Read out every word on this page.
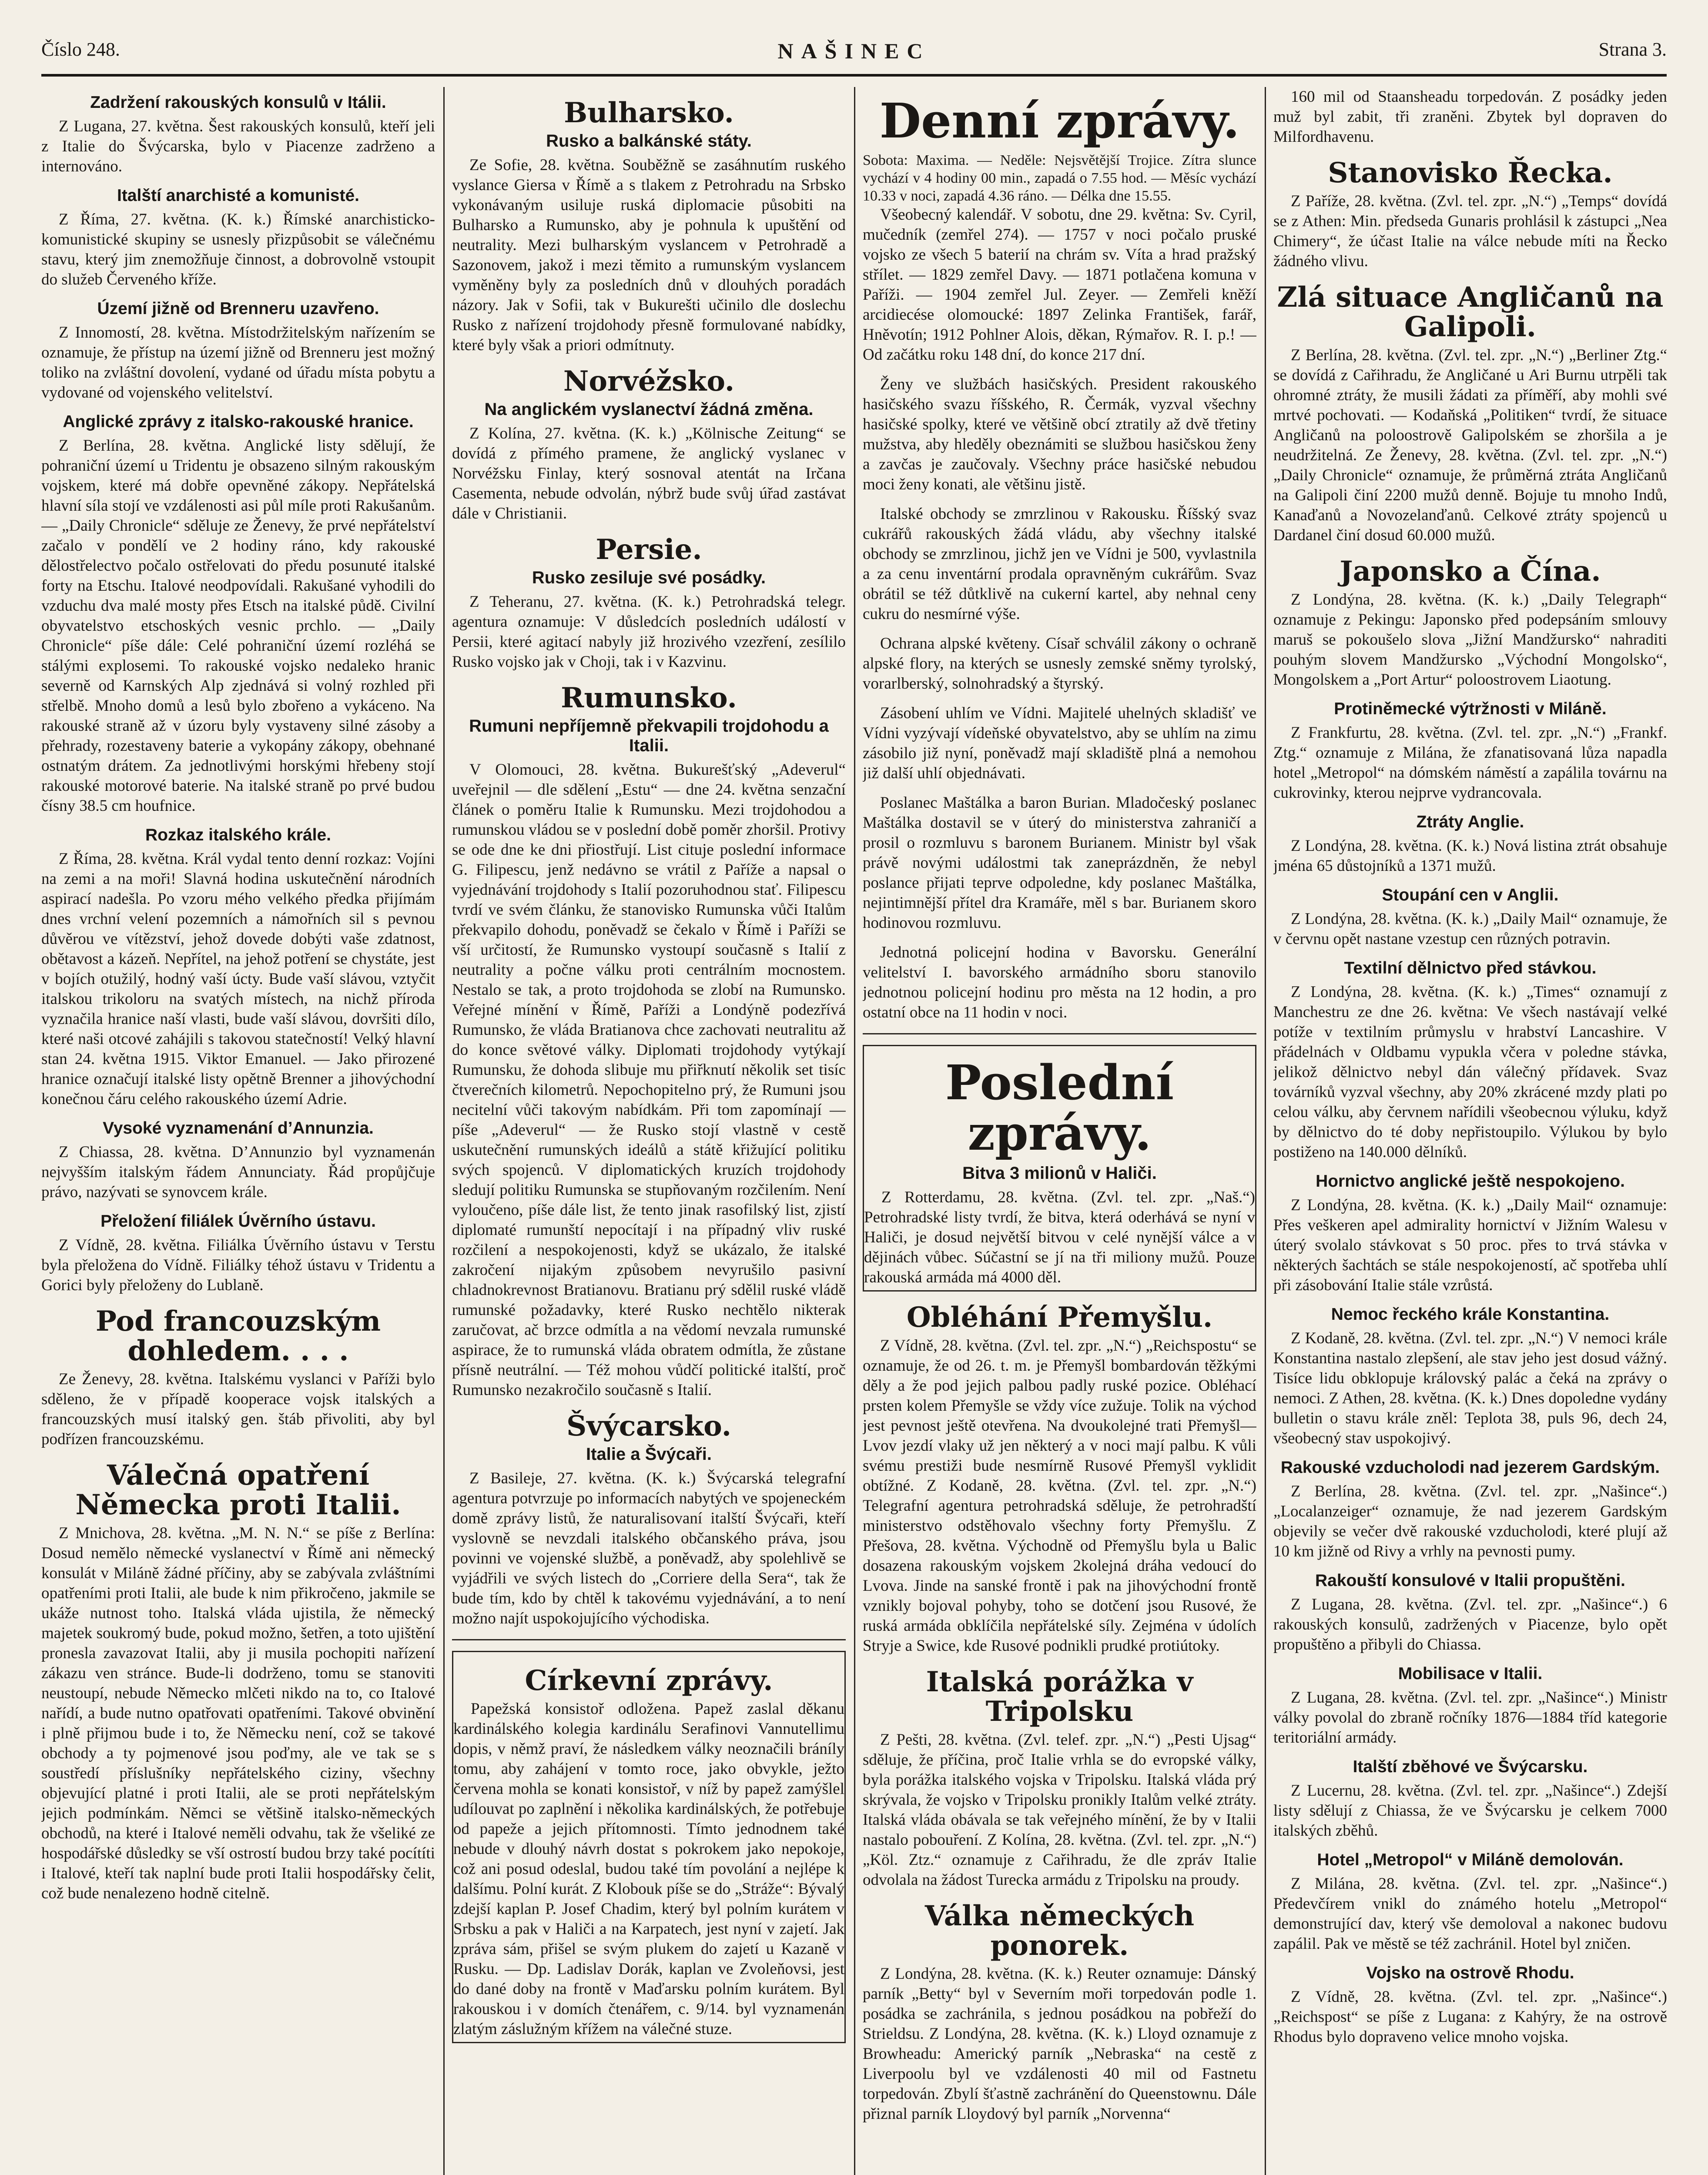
Číslo 248.	NAŠINEC	Strana 3.
Zadržení rakouských konsulů v Itálii.

Z Lugana, 27. května. Šest rakouských konsulů, kteří jeli z Italie do Švýcarska, bylo v Piacenze zadrženo a internováno.

Italští anarchisté a komunisté.

Z Říma, 27. května. (K. k.) Římské anarchisticko-komunistické skupiny se usnesly přizpůsobit se válečnému stavu, který jim znemožňuje činnost, a dobrovolně vstoupit do služeb Červeného kříže.

Území jižně od Brenneru uzavřeno.

Z Innomostí, 28. května. Místodržitelským nařízením se oznamuje, že přístup na území jižně od Brenneru jest možný toliko na zvláštní dovolení, vydané od úřadu místa pobytu a vydované od vojenského velitelství.

Anglické zprávy z italsko-rakouské hranice.

Z Berlína, 28. května. Anglické listy sdělují, že pohraniční území u Tridentu je obsazeno silným rakouským vojskem, které má dobře opevněné zákopy. Nepřátelská hlavní síla stojí ve vzdálenosti asi půl míle proti Rakušanům. — „Daily Chronicle“ sděluje ze Ženevy, že prvé nepřátelství začalo v pondělí ve 2 hodiny ráno, kdy rakouské dělostřelectvo počalo ostřelovati do předu posunuté italské forty na Etschu. Italové neodpovídali. Rakušané vyhodili do vzduchu dva malé mosty přes Etsch na italské půdě. Civilní obyvatelstvo etschoských vesnic prchlo. — „Daily Chronicle“ píše dále: Celé pohraniční území rozléhá se stálými explosemi. To rakouské vojsko nedaleko hranic severně od Karnských Alp zjednává si volný rozhled při střelbě. Mnoho domů a lesů bylo zbořeno a vykáceno. Na rakouské straně až v úzoru byly vystaveny silné zásoby a přehrady, rozestaveny baterie a vykopány zákopy, obehnané ostnatým drátem. Za jednotlivými horskými hřebeny stojí rakouské motorové baterie. Na italské straně po prvé budou čísny 38.5 cm houfnice.

Rozkaz italského krále.

Z Říma, 28. května. Král vydal tento denní rozkaz: Vojíni na zemi a na moři! Slavná hodina uskutečnění národních aspirací nadešla. Po vzoru mého velkého předka přijímám dnes vrchní velení pozemních a námořních sil s pevnou důvěrou ve vítězství, jehož dovede dobýti vaše zdatnost, obětavost a kázeň. Nepřítel, na jehož potření se chystáte, jest v bojích otužilý, hodný vaší úcty. Bude vaší slávou, vztyčit italskou trikoloru na svatých místech, na nichž příroda vyznačila hranice naší vlasti, bude vaší slávou, dovršiti dílo, které naši otcové zahájili s takovou statečností! Velký hlavní stan 24. května 1915. Viktor Emanuel. — Jako přirozené hranice označují italské listy opětně Brenner a jihovýchodní konečnou čáru celého rakouského území Adrie.

Vysoké vyznamenání d’Annunzia.

Z Chiassa, 28. května. D’Annunzio byl vyznamenán nejvyšším italským řádem Annunciaty. Řád propůjčuje právo, nazývati se synovcem krále.

Přeložení filiálek Úvěrního ústavu.

Z Vídně, 28. května. Filiálka Úvěrního ústavu v Terstu byla přeložena do Vídně. Filiálky téhož ústavu v Tridentu a Gorici byly přeloženy do Lublaně.

Pod francouzským dohledem. . . .

Ze Ženevy, 28. května. Italskému vyslanci v Paříži bylo sděleno, že v případě kooperace vojsk italských a francouzských musí italský gen. štáb přivoliti, aby byl podřízen francouzskému.

Válečná opatření Německa proti Italii.

Z Mnichova, 28. května. „M. N. N.“ se píše z Berlína: Dosud nemělo německé vyslanectví v Římě ani německý konsulát v Miláně žádné příčiny, aby se zabývala zvláštními opatřeními proti Italii, ale bude k nim přikročeno, jakmile se ukáže nutnost toho. Italská vláda ujistila, že německý majetek soukromý bude, pokud možno, šetřen, a toto ujištění pronesla zavazovat Italii, aby ji musila pochopiti nařízení zákazu ven stránce. Bude-li dodrženo, tomu se stanoviti neustoupí, nebude Německo mlčeti nikdo na to, co Italové nařídí, a bude nutno opatřovati opatřeními. Takové obvinění i plně přijmou bude i to, že Německu není, což se takové obchody a ty pojmenové jsou poďmy, ale ve tak se s soustředí příslušníky nepřátelského ciziny, všechny objevující platné i proti Italii, ale se proti nepřátelským jejich podmínkám. Němci se většině italsko-německých obchodů, na které i Italové neměli odvahu, tak že všeliké ze hospodářské důsledky se vší ostrostí budou brzy také pocítíti i Italové, kteří tak naplní bude proti Italii hospodářsky čelit, což bude nenalezeno hodně citelně.

Bulharsko.
Rusko a balkánské státy.

Ze Sofie, 28. května. Souběžně se zasáhnutím ruského vyslance Giersa v Římě a s tlakem z Petrohradu na Srbsko vykonávaným usiluje ruská diplomacie působiti na Bulharsko a Rumunsko, aby je pohnula k upuštění od neutrality. Mezi bulharským vyslancem v Petrohradě a Sazonovem, jakož i mezi těmito a rumunským vyslancem vyměněny byly za posledních dnů v dlouhých poradách názory. Jak v Sofii, tak v Bukurešti učinilo dle doslechu Rusko z nařízení trojdohody přesně formulované nabídky, které byly však a priori odmítnuty.

Norvéžsko.
Na anglickém vyslanectví žádná změna.

Z Kolína, 27. května. (K. k.) „Kölnische Zeitung“ se dovídá z přímého pramene, že anglický vyslanec v Norvéžsku Finlay, který sosnoval atentát na Irčana Casementa, nebude odvolán, nýbrž bude svůj úřad zastávat dále v Christianii.

Persie.
Rusko zesiluje své posádky.

Z Teheranu, 27. května. (K. k.) Petrohradská telegr. agentura oznamuje: V důsledcích posledních událostí v Persii, které agitací nabyly již hrozivého vzezření, zesílilo Rusko vojsko jak v Choji, tak i v Kazvinu.

Rumunsko.
Rumuni nepříjemně překvapili trojdohodu a Italii.

V Olomouci, 28. května. Bukurešťský „Adeverul“ uveřejnil — dle sdělení „Estu“ — dne 24. května senzační článek o poměru Italie k Rumunsku. Mezi trojdohodou a rumunskou vládou se v poslední době poměr zhoršil. Protivy se ode dne ke dni přiostřují. List cituje poslední informace G. Filipescu, jenž nedávno se vrátil z Paříže a napsal o vyjednávání trojdohody s Italií pozoruhodnou stať. Filipescu tvrdí ve svém článku, že stanovisko Rumunska vůči Italům překvapilo dohodu, poněvadž se čekalo v Římě i Paříži se vší určitostí, že Rumunsko vystoupí současně s Italií z neutrality a počne válku proti centrálním mocnostem. Nestalo se tak, a proto trojdohoda se zlobí na Rumunsko. Veřejné mínění v Římě, Paříži a Londýně podezřívá Rumunsko, že vláda Bratianova chce zachovati neutralitu až do konce světové války. Diplomati trojdohody vytýkají Rumunsku, že dohoda slibuje mu přiřknutí několik set tisíc čtverečních kilometrů. Nepochopitelno prý, že Rumuni jsou necitelní vůči takovým nabídkám. Při tom zapomínají — píše „Adeverul“ — že Rusko stojí vlastně v cestě uskutečnění rumunských ideálů a státě křižující politiku svých spojenců. V diplomatických kruzích trojdohody sledují politiku Rumunska se stupňovaným rozčilením. Není vyloučeno, píše dále list, že tento jinak rasofilský list, zjistí diplomaté rumunští nepocítají i na případný vliv ruské rozčilení a nespokojenosti, když se ukázalo, že italské zakročení nijakým způsobem nevyrušilo pasivní chladnokrevnost Bratianovu. Bratianu prý sdělil ruské vládě rumunské požadavky, které Rusko nechtělo nikterak zaručovat, ač brzce odmítla a na vědomí nevzala rumunské aspirace, že to rumunská vláda obratem odmítla, že zůstane přísně neutrální. — Též mohou vůdčí politické italští, proč Rumunsko nezakročilo současně s Italií.

Švýcarsko.
Italie a Švýcaři.

Z Basileje, 27. května. (K. k.) Švýcarská telegrafní agentura potvrzuje po informacích nabytých ve spojeneckém domě zprávy listů, že naturalisovaní italští Švýcaři, kteří vyslovně se nevzdali italského občanského práva, jsou povinni ve vojenské službě, a poněvadž, aby spolehlivě se vyjádřili ve svých listech do „Corriere della Sera“, tak že bude tím, kdo by chtěl k takovému vyjednávání, a to není možno najít uspokojujícího východiska.

Církevní zprávy.

Papežská konsistoř odložena. Papež zaslal děkanu kardinálského kolegia kardinálu Serafinovi Vannutellimu dopis, v němž praví, že následkem války neoznačili bráníly tomu, aby zahájení v tomto roce, jako obvykle, ježto červena mohla se konati konsistoř, v níž by papež zamýšlel udílouvat po zaplnění i několika kardinálských, že potřebuje od papeže a jejich přítomnosti. Tímto jednodnem také nebude v dlouhý návrh dostat s pokrokem jako nepokoje, což ani posud odeslal, budou také tím povolání a nejlépe k dalšímu. Polní kurát. Z Klobouk píše se do „Stráže“: Bývalý zdejší kaplan P. Josef Chadim, který byl polním kurátem v Srbsku a pak v Haliči a na Karpatech, jest nyní v zajetí. Jak zpráva sám, přišel se svým plukem do zajetí u Kazaně v Rusku. — Dp. Ladislav Dorák, kaplan ve Zvoleňovsi, jest do dané doby na frontě v Maďarsku polním kurátem. Byl rakouskou i v domích čtenářem, c. 9/14. byl vyznamenán zlatým záslužným křížem na válečné stuze.

Denní zprávy.

Sobota: Maxima. — Neděle: Nejsvětější Trojice. Zítra slunce vychází v 4 hodiny 00 min., zapadá o 7.55 hod. — Měsíc vychází 10.33 v noci, zapadá 4.36 ráno. — Délka dne 15.55.

Všeobecný kalendář. V sobotu, dne 29. května: Sv. Cyril, mučedník (zemřel 274). — 1757 v noci počalo pruské vojsko ze všech 5 baterií na chrám sv. Víta a hrad pražský střílet. — 1829 zemřel Davy. — 1871 potlačena komuna v Paříži. — 1904 zemřel Jul. Zeyer. — Zemřeli kněží arcidiecése olomoucké: 1897 Zelinka František, farář, Hněvotín; 1912 Pohlner Alois, děkan, Rýmařov. R. I. p.! — Od začátku roku 148 dní, do konce 217 dní.

Ženy ve službách hasičských. President rakouského hasičského svazu říšského, R. Čermák, vyzval všechny hasičské spolky, které ve většině obcí ztratily až dvě třetiny mužstva, aby hleděly obeznámiti se službou hasičskou ženy a zavčas je zaučovaly. Všechny práce hasičské nebudou moci ženy konati, ale většinu jistě.

Italské obchody se zmrzlinou v Rakousku. Říšský svaz cukrářů rakouských žádá vládu, aby všechny italské obchody se zmrzlinou, jichž jen ve Vídni je 500, vyvlastnila a za cenu inventární prodala opravněným cukrářům. Svaz obrátil se též důtklivě na cukerní kartel, aby nehnal ceny cukru do nesmírné výše.

Ochrana alpské květeny. Císař schválil zákony o ochraně alpské flory, na kterých se usnesly zemské sněmy tyrolský, vorarlberský, solnohradský a štyrský.

Zásobení uhlím ve Vídni. Majitelé uhelných skladišť ve Vídni vyzývají vídeňské obyvatelstvo, aby se uhlím na zimu zásobilo již nyní, poněvadž mají skladiště plná a nemohou již další uhlí objednávati.

Poslanec Maštálka a baron Burian. Mladočeský poslanec Maštálka dostavil se v úterý do ministerstva zahraničí a prosil o rozmluvu s baronem Burianem. Ministr byl však právě novými událostmi tak zaneprázdněn, že nebyl poslance přijati teprve odpoledne, kdy poslanec Maštálka, nejintimnější přítel dra Kramáře, měl s bar. Burianem skoro hodinovou rozmluvu.

Jednotná policejní hodina v Bavorsku. Generální velitelství I. bavorského armádního sboru stanovilo jednotnou policejní hodinu pro města na 12 hodin, a pro ostatní obce na 11 hodin v noci.

Poslední zprávy.
Bitva 3 milionů v Haliči.

Z Rotterdamu, 28. května. (Zvl. tel. zpr. „Naš.“) Petrohradské listy tvrdí, že bitva, která oderhává se nyní v Haliči, je dosud největší bitvou v celé nynější válce a v dějinách vůbec. Súčastní se jí na tři miliony mužů. Pouze rakouská armáda má 4000 děl.

Obléhání Přemyšlu.

Z Vídně, 28. května. (Zvl. tel. zpr. „N.“) „Reichspostu“ se oznamuje, že od 26. t. m. je Přemyšl bombardován těžkými děly a že pod jejich palbou padly ruské pozice. Obléhací prsten kolem Přemyšle se vždy více zužuje. Tolik na východ jest pevnost ještě otevřena. Na dvoukolejné trati Přemyšl—Lvov jezdí vlaky už jen některý a v noci mají palbu. K vůli svému prestiži bude nesmírně Rusové Přemyšl vyklidit obtížné. Z Kodaně, 28. května. (Zvl. tel. zpr. „N.“) Telegrafní agentura petrohradská sděluje, že petrohradští ministerstvo odstěhovalo všechny forty Přemyšlu. Z Přešova, 28. května. Východně od Přemyšlu byla u Balic dosazena rakouským vojskem 2kolejná dráha vedoucí do Lvova. Jinde na sanské frontě i pak na jihovýchodní frontě vznikly bojoval pohyby, toho se dotčení jsou Rusové, že ruská armáda obklíčila nepřátelské síly. Zejména v údolích Stryje a Swice, kde Rusové podnikli prudké protiútoky.

Italská porážka v Tripolsku

Z Pešti, 28. května. (Zvl. telef. zpr. „N.“) „Pesti Ujsag“ sděluje, že příčina, proč Italie vrhla se do evropské války, byla porážka italského vojska v Tripolsku. Italská vláda prý skrývala, že vojsko v Tripolsku pronikly Italům velké ztráty. Italská vláda obávala se tak veřejného mínění, že by v Italii nastalo pobouření. Z Kolína, 28. května. (Zvl. tel. zpr. „N.“) „Köl. Ztz.“ oznamuje z Cařihradu, že dle zpráv Italie odvolala na žádost Turecka armádu z Tripolsku na proudy.

Válka německých ponorek.

Z Londýna, 28. května. (K. k.) Reuter oznamuje: Dánský parník „Betty“ byl v Severním moři torpedován podle 1. posádka se zachránila, s jednou posádkou na pobřeží do Strieldsu. Z Londýna, 28. května. (K. k.) Lloyd oznamuje z Browheadu: Americký parník „Nebraska“ na cestě z Liverpoolu byl ve vzdálenosti 40 mil od Fastnetu torpedován. Zbylí šťastně zachránění do Queenstownu. Dále přiznal parník Lloydový byl parník „Norvenna“

160 mil od Staansheadu torpedován. Z posádky jeden muž byl zabit, tři zraněni. Zbytek byl dopraven do Milfordhavenu.

Stanovisko Řecka.

Z Paříže, 28. května. (Zvl. tel. zpr. „N.“) „Temps“ dovídá se z Athen: Min. předseda Gunaris prohlásil k zástupci „Nea Chimery“, že účast Italie na válce nebude míti na Řecko žádného vlivu.

Zlá situace Angličanů na Galipoli.

Z Berlína, 28. května. (Zvl. tel. zpr. „N.“) „Berliner Ztg.“ se dovídá z Cařihradu, že Angličané u Ari Burnu utrpěli tak ohromné ztráty, že musili žádati za příměří, aby mohli své mrtvé pochovati. — Kodaňská „Politiken“ tvrdí, že situace Angličanů na poloostrově Galipolském se zhoršila a je neudržitelná. Ze Ženevy, 28. května. (Zvl. tel. zpr. „N.“) „Daily Chronicle“ oznamuje, že průměrná ztráta Angličanů na Galipoli činí 2200 mužů denně. Bojuje tu mnoho Indů, Kanaďanů a Novozelanďanů. Celkové ztráty spojenců u Dardanel činí dosud 60.000 mužů.

Japonsko a Čína.

Z Londýna, 28. května. (K. k.) „Daily Telegraph“ oznamuje z Pekingu: Japonsko před podepsáním smlouvy maruš se pokoušelo slova „Jižní Mandžursko“ nahraditi pouhým slovem Mandžursko „Východní Mongolsko“, Mongolskem a „Port Artur“ poloostrovem Liaotung.

Protiněmecké výtržnosti v Miláně.

Z Frankfurtu, 28. května. (Zvl. tel. zpr. „N.“) „Frankf. Ztg.“ oznamuje z Milána, že zfanatisovaná lůza napadla hotel „Metropol“ na dómském náměstí a zapálila továrnu na cukrovinky, kterou nejprve vydrancovala.

Ztráty Anglie.

Z Londýna, 28. května. (K. k.) Nová listina ztrát obsahuje jména 65 důstojníků a 1371 mužů.

Stoupání cen v Anglii.

Z Londýna, 28. května. (K. k.) „Daily Mail“ oznamuje, že v červnu opět nastane vzestup cen různých potravin.

Textilní dělnictvo před stávkou.

Z Londýna, 28. května. (K. k.) „Times“ oznamují z Manchestru ze dne 26. května: Ve všech nastávají velké potíže v textilním průmyslu v hrabství Lancashire. V přádelnách v Oldbamu vypukla včera v poledne stávka, jelikož dělnictvo nebyl dán válečný přídavek. Svaz továrníků vyzval všechny, aby 20% zkrácené mzdy plati po celou válku, aby červnem nařídili všeobecnou výluku, když by dělnictvo do té doby nepřistoupilo. Výlukou by bylo postiženo na 140.000 dělníků.

Hornictvo anglické ještě nespokojeno.

Z Londýna, 28. května. (K. k.) „Daily Mail“ oznamuje: Přes veškeren apel admirality hornictví v Jižním Walesu v úterý svolalo stávkovat s 50 proc. přes to trvá stávka v některých šachtách se stále nespokojeností, ač spotřeba uhlí při zásobování Italie stále vzrůstá.

Nemoc řeckého krále Konstantina.

Z Kodaně, 28. května. (Zvl. tel. zpr. „N.“) V nemoci krále Konstantina nastalo zlepšení, ale stav jeho jest dosud vážný. Tisíce lidu obklopuje královský palác a čeká na zprávy o nemoci. Z Athen, 28. května. (K. k.) Dnes dopoledne vydány bulletin o stavu krále zněl: Teplota 38, puls 96, dech 24, všeobecný stav uspokojivý.

Rakouské vzducholodi nad jezerem Gardským.

Z Berlína, 28. května. (Zvl. tel. zpr. „Našince“.) „Localanzeiger“ oznamuje, že nad jezerem Gardským objevily se večer dvě rakouské vzducholodi, které plují až 10 km jižně od Rivy a vrhly na pevnosti pumy.

Rakouští konsulové v Italii propuštěni.

Z Lugana, 28. května. (Zvl. tel. zpr. „Našince“.) 6 rakouských konsulů, zadržených v Piacenze, bylo opět propuštěno a přibyli do Chiassa.

Mobilisace v Italii.

Z Lugana, 28. května. (Zvl. tel. zpr. „Našince“.) Ministr války povolal do zbraně ročníky 1876—1884 tříd kategorie teritoriální armády.

Italští zběhové ve Švýcarsku.

Z Lucernu, 28. května. (Zvl. tel. zpr. „Našince“.) Zdejší listy sdělují z Chiassa, že ve Švýcarsku je celkem 7000 italských zběhů.

Hotel „Metropol“ v Miláně demolován.

Z Milána, 28. května. (Zvl. tel. zpr. „Našince“.) Předevčírem vnikl do známého hotelu „Metropol“ demonstrující dav, který vše demoloval a nakonec budovu zapálil. Pak ve městě se též zachránil. Hotel byl zničen.

Vojsko na ostrově Rhodu.

Z Vídně, 28. května. (Zvl. tel. zpr. „Našince“.) „Reichspost“ se píše z Lugana: z Kahýry, že na ostrově Rhodus bylo dopraveno velice mnoho vojska.
